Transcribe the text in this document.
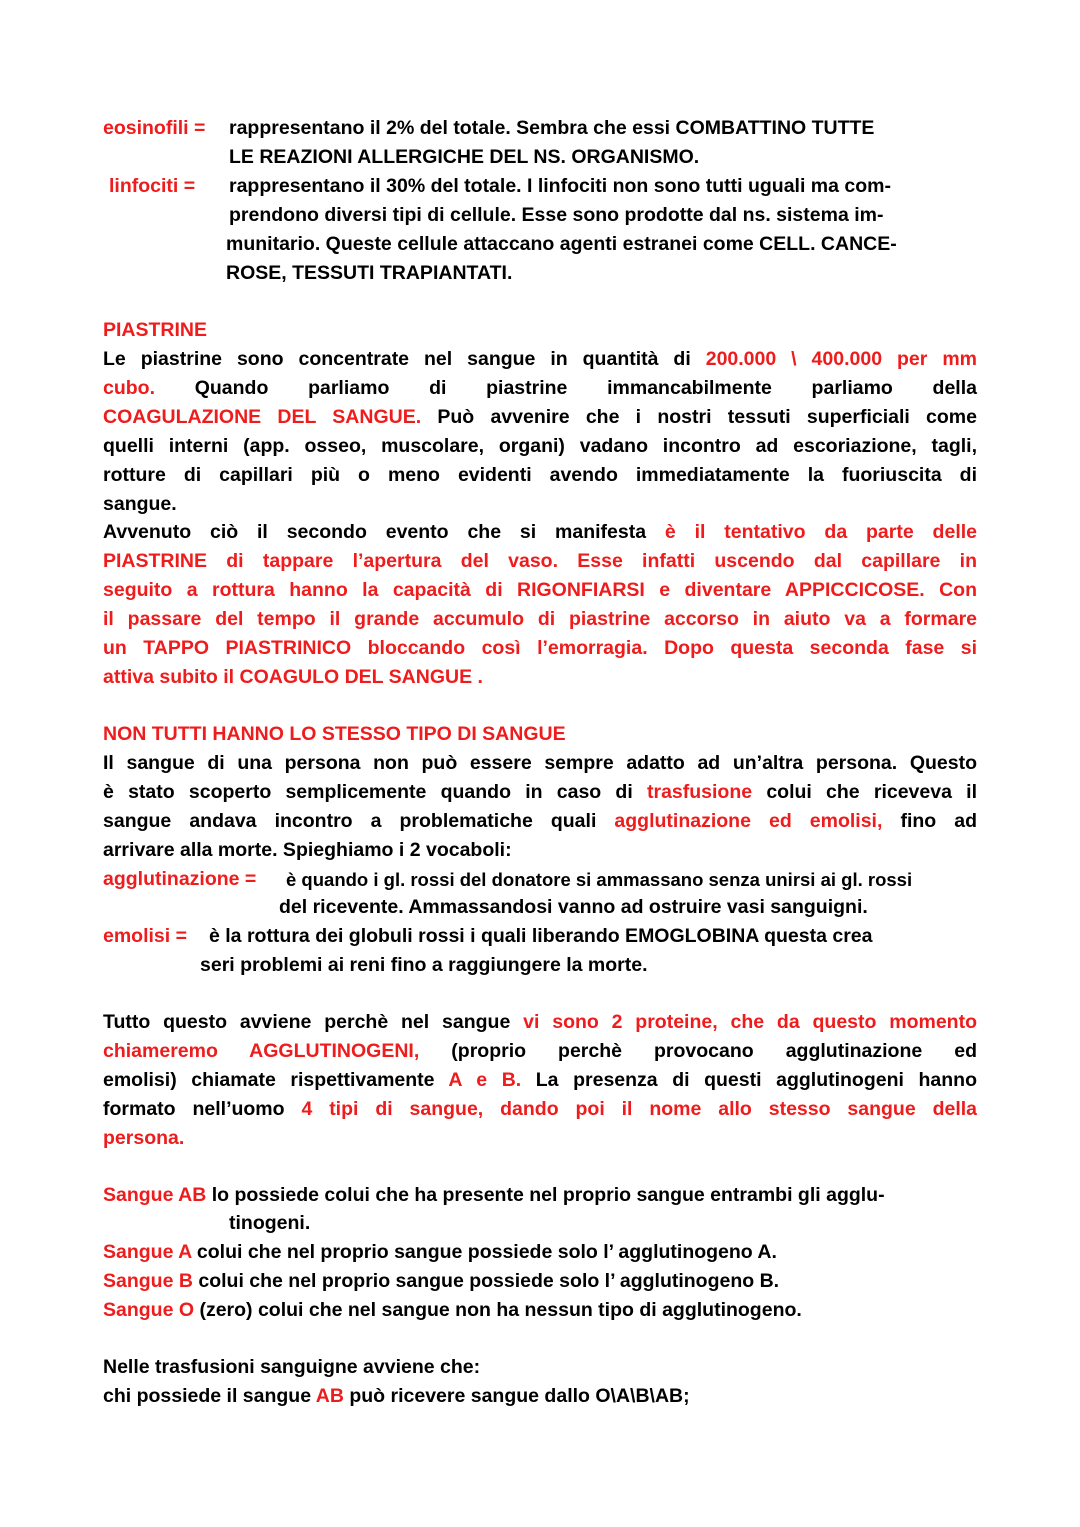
eosinofili = rappresentano il 2% del totale. Sembra che essi COMBATTINO TUTTE
LE REAZIONI ALLERGICHE DEL NS. ORGANISMO.
linfociti = rappresentano il 30% del totale. I linfociti non sono tutti uguali ma com-
prendono diversi tipi di cellule. Esse sono prodotte dal ns. sistema im-
munitario. Queste cellule attaccano agenti estranei come CELL. CANCE-
ROSE, TESSUTI TRAPIANTATI.
PIASTRINE
Le piastrine sono concentrate nel sangue in quantità di 200.000 \ 400.000 per mm
cubo. Quando parliamo di piastrine immancabilmente parliamo della
COAGULAZIONE DEL SANGUE. Può avvenire che i nostri tessuti superficiali come
quelli interni (app. osseo, muscolare, organi) vadano incontro ad escoriazione, tagli,
rotture di capillari più o meno evidenti avendo immediatamente la fuoriuscita di
sangue.
Avvenuto ciò il secondo evento che si manifesta è il tentativo da parte delle
PIASTRINE di tappare l’apertura del vaso. Esse infatti uscendo dal capillare in
seguito a rottura hanno la capacità di RIGONFIARSI e diventare APPICCICOSE. Con
il passare del tempo il grande accumulo di piastrine accorso in aiuto va a formare
un TAPPO PIASTRINICO bloccando così l’emorragia. Dopo questa seconda fase si
attiva subito il COAGULO DEL SANGUE .
NON TUTTI HANNO LO STESSO TIPO DI SANGUE
Il sangue di una persona non può essere sempre adatto ad un’altra persona. Questo
è stato scoperto semplicemente quando in caso di trasfusione colui che riceveva il
sangue andava incontro a problematiche quali agglutinazione ed emolisi, fino ad
arrivare alla morte. Spieghiamo i 2 vocaboli:
agglutinazione = è quando i gl. rossi del donatore si ammassano senza unirsi ai gl. rossi
del ricevente. Ammassandosi vanno ad ostruire vasi sanguigni.
emolisi = è la rottura dei globuli rossi i quali liberando EMOGLOBINA questa crea
seri problemi ai reni fino a raggiungere la morte.
Tutto questo avviene perchè nel sangue vi sono 2 proteine, che da questo momento
chiameremo AGGLUTINOGENI, (proprio perchè provocano agglutinazione ed
emolisi) chiamate rispettivamente A e B. La presenza di questi agglutinogeni hanno
formato nell’uomo 4 tipi di sangue, dando poi il nome allo stesso sangue della
persona.
Sangue AB lo possiede colui che ha presente nel proprio sangue entrambi gli agglu-
tinogeni.
Sangue A colui che nel proprio sangue possiede solo l’ agglutinogeno A.
Sangue B colui che nel proprio sangue possiede solo l’ agglutinogeno B.
Sangue O (zero) colui che nel sangue non ha nessun tipo di agglutinogeno.
Nelle trasfusioni sanguigne avviene che:
chi possiede il sangue AB può ricevere sangue dallo O\A\B\AB;
